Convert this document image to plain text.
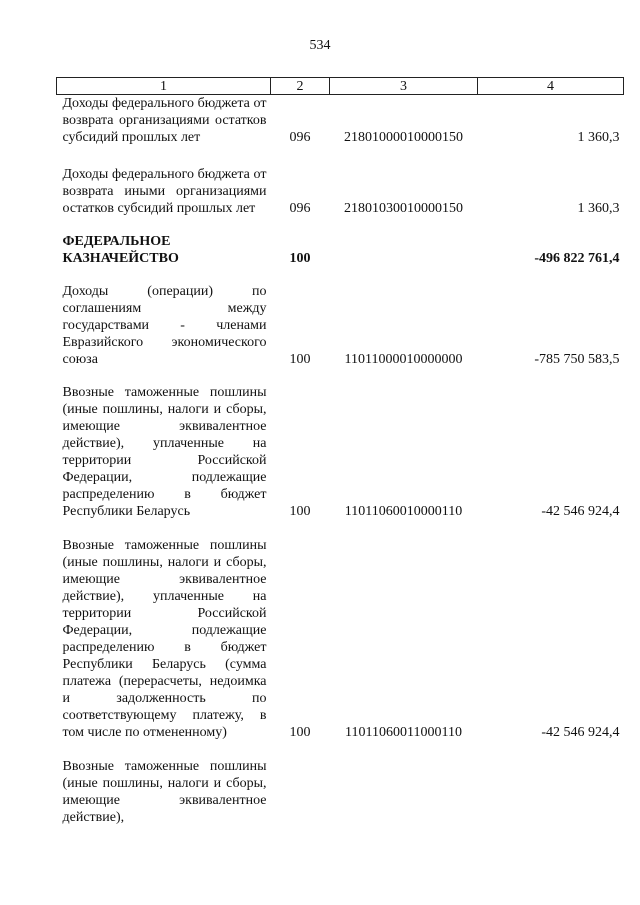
534
1	2	3	4
Доходы федерального бюджета от возврата организациями остатков субсидий прошлых лет	096	21801000010000150	1 360,3
Доходы федерального бюджета от возврата иными организациями остатков субсидий прошлых лет	096	21801030010000150	1 360,3
ФЕДЕРАЛЬНОЕ КАЗНАЧЕЙСТВО	100		-496 822 761,4
Доходы (операции) по соглашениям между государствами - членами Евразийского экономического союза	100	11011000010000000	-785 750 583,5
Ввозные таможенные пошлины (иные пошлины, налоги и сборы, имеющие эквивалентное действие), уплаченные на территории Российской Федерации, подлежащие распределению в бюджет Республики Беларусь	100	11011060010000110	-42 546 924,4
Ввозные таможенные пошлины (иные пошлины, налоги и сборы, имеющие эквивалентное действие), уплаченные на территории Российской Федерации, подлежащие распределению в бюджет Республики Беларусь (сумма платежа (перерасчеты, недоимка и задолженность по соответствующему платежу, в том числе по отмененному)	100	11011060011000110	-42 546 924,4
Ввозные таможенные пошлины (иные пошлины, налоги и сборы, имеющие эквивалентное действие),			
